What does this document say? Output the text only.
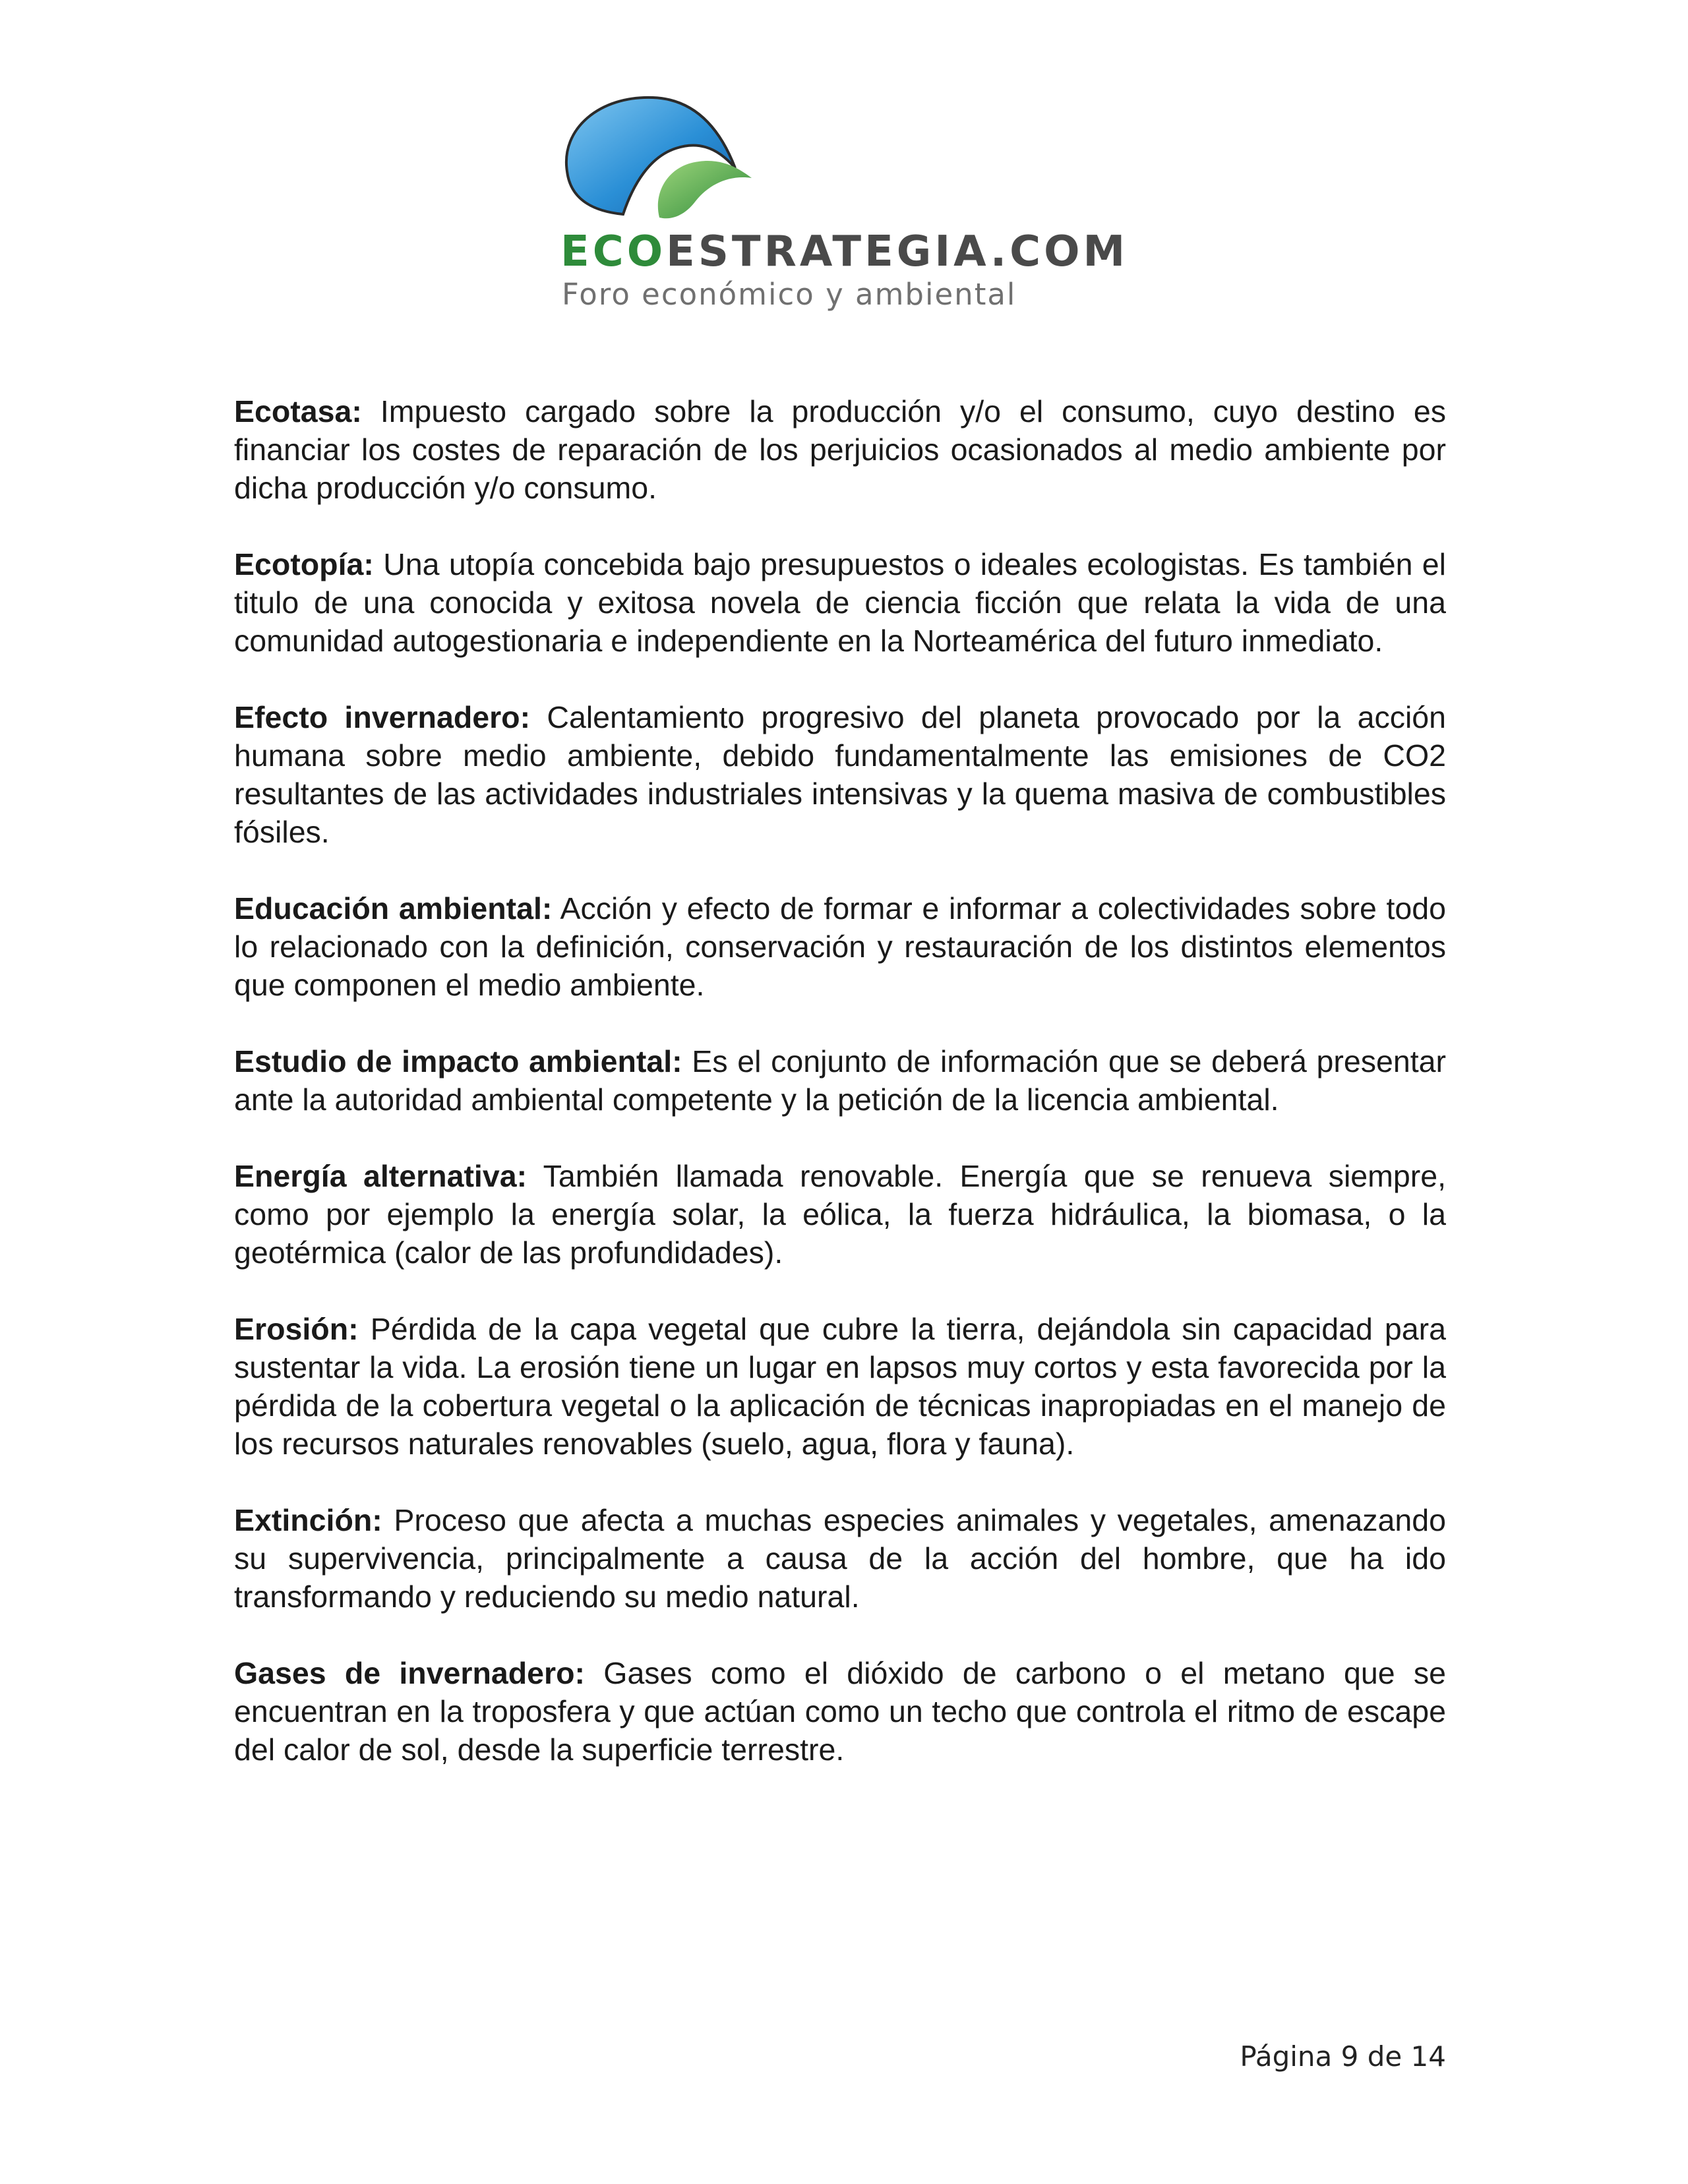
ECOESTRATEGIA.COM
Foro económico y ambiental

Ecotasa: Impuesto cargado sobre la producción y/o el consumo, cuyo destino es financiar los costes de reparación de los perjuicios ocasionados al medio ambiente por dicha producción y/o consumo.

Ecotopía: Una utopía concebida bajo presupuestos o ideales ecologistas. Es también el titulo de una conocida y exitosa novela de ciencia ficción que relata la vida de una comunidad autogestionaria e independiente en la Norteamérica del futuro inmediato.

Efecto invernadero: Calentamiento progresivo del planeta provocado por la acción humana sobre medio ambiente, debido fundamentalmente las emisiones de CO2 resultantes de las actividades industriales intensivas y la quema masiva de combustibles fósiles.

Educación ambiental: Acción y efecto de formar e informar a colectividades sobre todo lo relacionado con la definición, conservación y restauración de los distintos elementos que componen el medio ambiente.

Estudio de impacto ambiental: Es el conjunto de información que se deberá presentar ante la autoridad ambiental competente y la petición de la licencia ambiental.

Energía alternativa: También llamada renovable. Energía que se renueva siempre, como por ejemplo la energía solar, la eólica, la fuerza hidráulica, la biomasa, o la geotérmica (calor de las profundidades).

Erosión: Pérdida de la capa vegetal que cubre la tierra, dejándola sin capacidad para sustentar la vida. La erosión tiene un lugar en lapsos muy cortos y esta favorecida por la pérdida de la cobertura vegetal o la aplicación de técnicas inapropiadas en el manejo de los recursos naturales renovables (suelo, agua, flora y fauna).

Extinción: Proceso que afecta a muchas especies animales y vegetales, amenazando su supervivencia, principalmente a causa de la acción del hombre, que ha ido transformando y reduciendo su medio natural.

Gases de invernadero: Gases como el dióxido de carbono o el metano que se encuentran en la troposfera y que actúan como un techo que controla el ritmo de escape del calor de sol, desde la superficie terrestre.

Página 9 de 14
